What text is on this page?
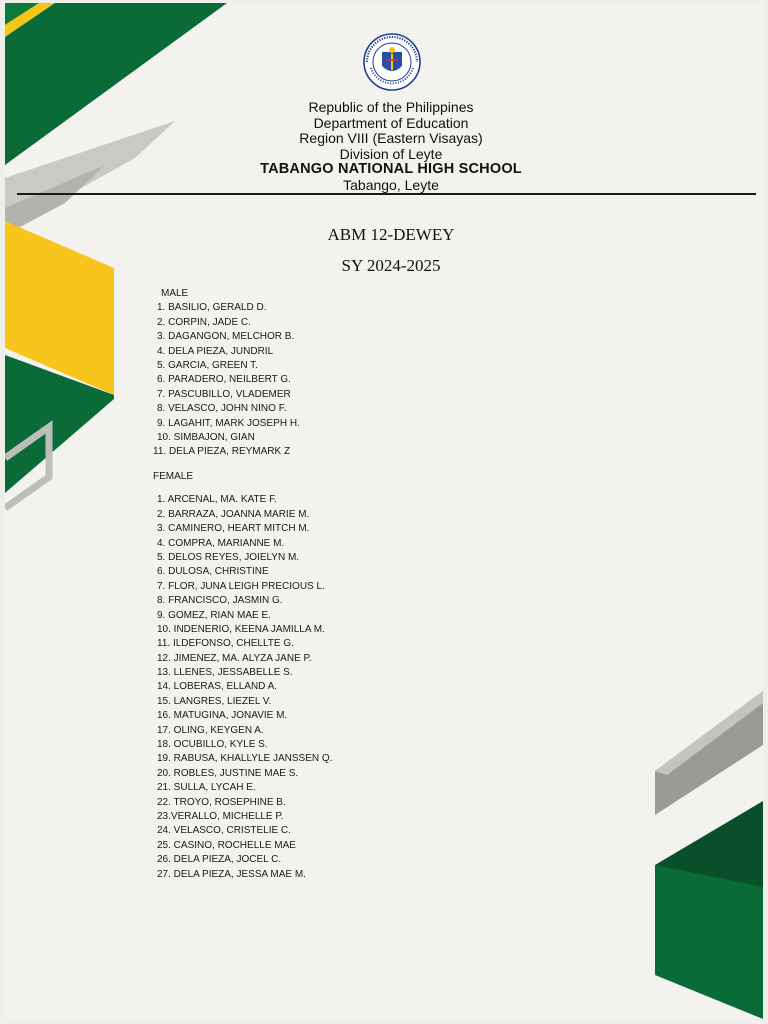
Republic of the Philippines
Department of Education
Region VIII (Eastern Visayas)
Division of Leyte
TABANGO NATIONAL HIGH SCHOOL
Tabango, Leyte
ABM 12-DEWEY
SY 2024-2025
MALE
1. BASILIO, GERALD D.
2. CORPIN, JADE C.
3. DAGANGON, MELCHOR B.
4. DELA PIEZA, JUNDRIL
5. GARCIA, GREEN T.
6. PARADERO, NEILBERT G.
7. PASCUBILLO, VLADEMER
8. VELASCO, JOHN NINO F.
9. LAGAHIT, MARK JOSEPH H.
10. SIMBAJON, GIAN
11. DELA PIEZA, REYMARK Z
FEMALE
1. ARCENAL, MA. KATE F.
2. BARRAZA, JOANNA MARIE M.
3. CAMINERO, HEART MITCH M.
4. COMPRA, MARIANNE M.
5. DELOS REYES, JOIELYN M.
6. DULOSA, CHRISTINE
7. FLOR, JUNA LEIGH PRECIOUS L.
8. FRANCISCO, JASMIN G.
9. GOMEZ, RIAN MAE E.
10. INDENERIO, KEENA JAMILLA M.
11. ILDEFONSO, CHELLTE G.
12. JIMENEZ, MA. ALYZA JANE P.
13. LLENES, JESSABELLE S.
14. LOBERAS, ELLAND A.
15. LANGRES, LIEZEL V.
16. MATUGINA, JONAVIE M.
17. OLING, KEYGEN A.
18. OCUBILLO, KYLE S.
19. RABUSA, KHALLYLE JANSSEN Q.
20. ROBLES, JUSTINE MAE S.
21. SULLA, LYCAH E.
22. TROYO, ROSEPHINE B.
23.VERALLO, MICHELLE P.
24. VELASCO, CRISTELIE C.
25. CASINO, ROCHELLE MAE
26. DELA PIEZA, JOCEL C.
27. DELA PIEZA, JESSA MAE M.
